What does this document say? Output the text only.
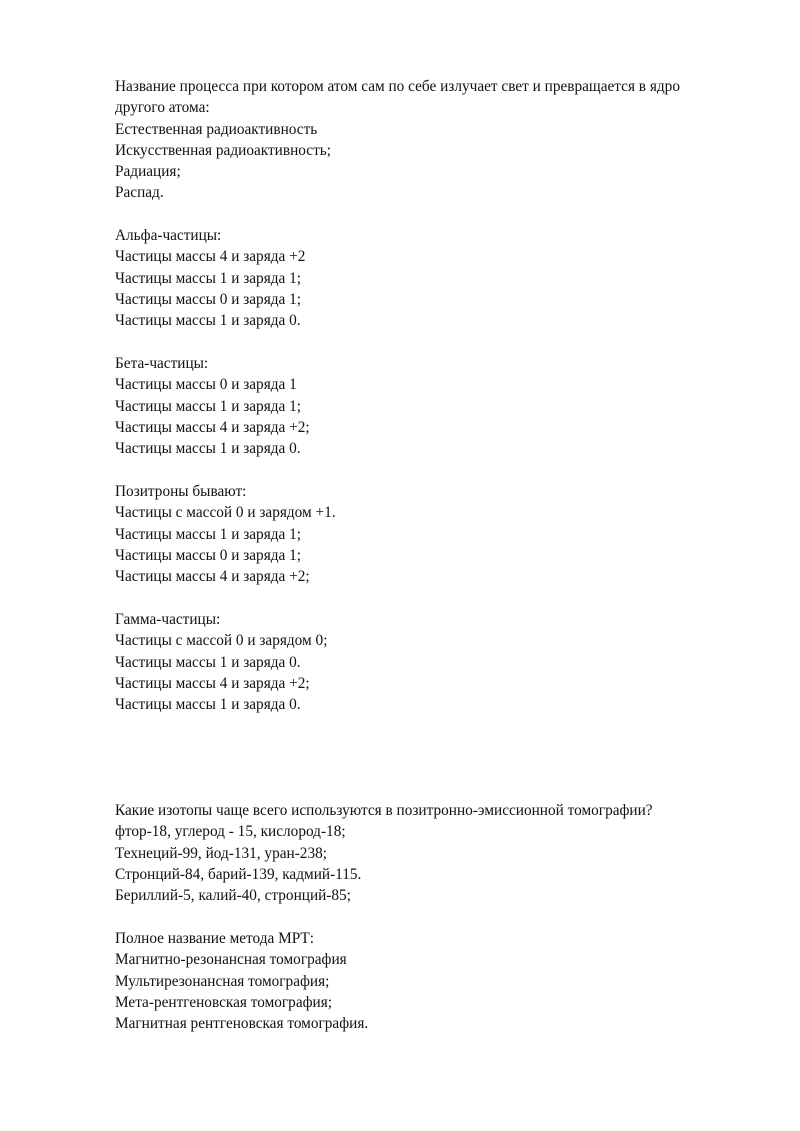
Название процесса при котором атом сам по себе излучает свет и превращается в ядро другого атома:

Естественная радиоактивность

Искусственная радиоактивность;

Радиация;

Распад.

Альфа-частицы:

Частицы массы 4 и заряда +2

Частицы массы 1 и заряда 1;

Частицы массы 0 и заряда 1;

Частицы массы 1 и заряда 0.

Бета-частицы:

Частицы массы 0 и заряда 1

Частицы массы 1 и заряда 1;

Частицы массы 4 и заряда +2;

Частицы массы 1 и заряда 0.

Позитроны бывают:

Частицы с массой 0 и зарядом +1.

Частицы массы 1 и заряда 1;

Частицы массы 0 и заряда 1;

Частицы массы 4 и заряда +2;

Гамма-частицы:

Частицы с массой 0 и зарядом 0;

Частицы массы 1 и заряда 0.

Частицы массы 4 и заряда +2;

Частицы массы 1 и заряда 0.

Какие изотопы чаще всего используются в позитронно-эмиссионной томографии?

фтор-18, углерод - 15, кислород-18;

Технеций-99, йод-131, уран-238;

Стронций-84, барий-139, кадмий-115.

Бериллий-5, калий-40, стронций-85;

Полное название метода МРТ:

Магнитно-резонансная томография

Мультирезонансная томография;

Мета-рентгеновская томография;

Магнитная рентгеновская томография.
